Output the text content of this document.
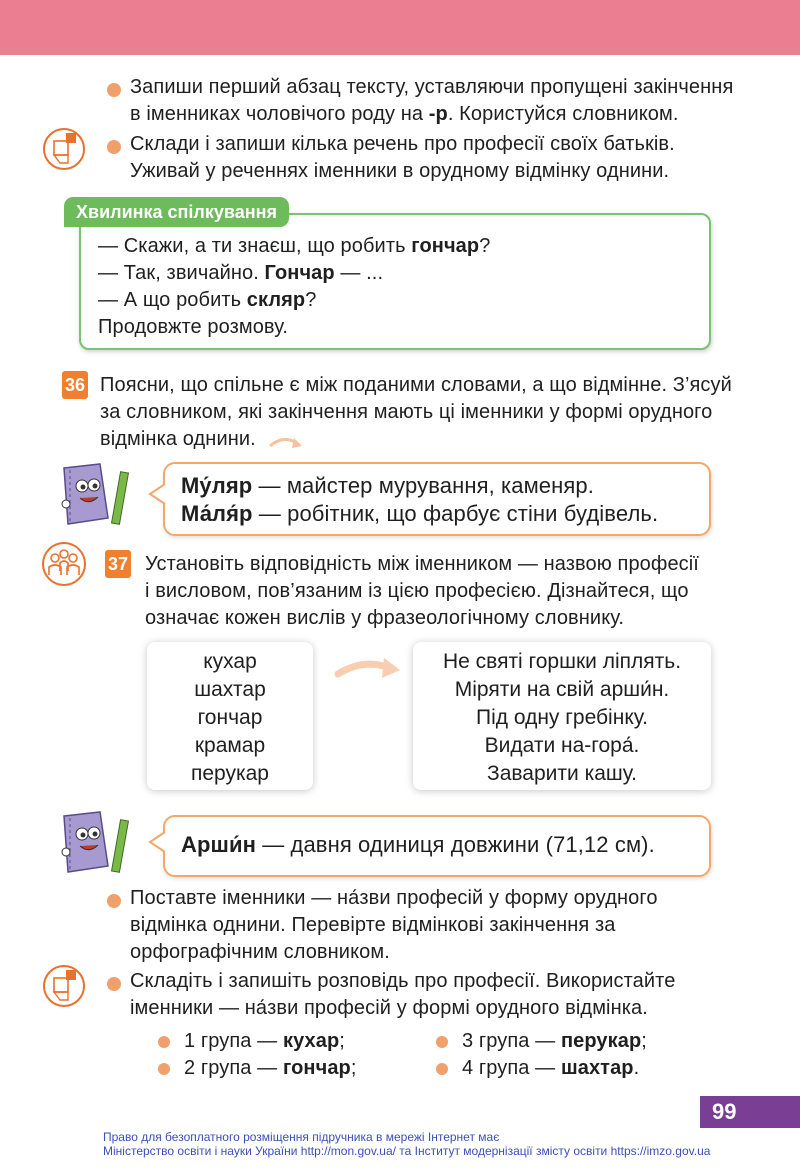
Запиши перший абзац тексту, уставляючи пропущені закінчення
в іменниках чоловічого роду на -р. Користуйся словником.
Склади і запиши кілька речень про професії своїх батьків.
Уживай у реченнях іменники в орудному відмінку однини.
Хвилинка спілкування
— Скажи, а ти знаєш, що робить гончар?
— Так, звичайно. Гончар — ...
— А що робить скляр?
Продовжте розмову.
36 Поясни, що спільне є між поданими словами, а що відмінне. З’ясуй
за словником, які закінчення мають ці іменники у формі орудного
відмінка однини.
Му́ляр — майстер мурування, каменяр.
Ма́ля́р — робітник, що фарбує стіни будівель.
37 Установіть відповідність між іменником — назвою професії
і висловом, пов’язаним із цією професією. Дізнайтеся, що
означає кожен вислів у фразеологічному словнику.
кухар
шахтар
гончар
крамар
перукар
Не святі горшки ліплять.
Міряти на свій арши́н.
Під одну гребінку.
Видати на-гора́.
Заварити кашу.
Арши́н — давня одиниця довжини (71,12 см).
Поставте іменники — на́зви професій у форму орудного
відмінка однини. Перевірте відмінкові закінчення за
орфографічним словником.
Складіть і запишіть розповідь про професії. Використайте
іменники — на́зви професій у формі орудного відмінка.
1 група — кухар;
2 група — гончар;
3 група — перукар;
4 група — шахтар.
99
Право для безоплатного розміщення підручника в мережі Інтернет має
Міністерство освіти і науки України http://mon.gov.ua/ та Інститут модернізації змісту освіти https://imzo.gov.ua
